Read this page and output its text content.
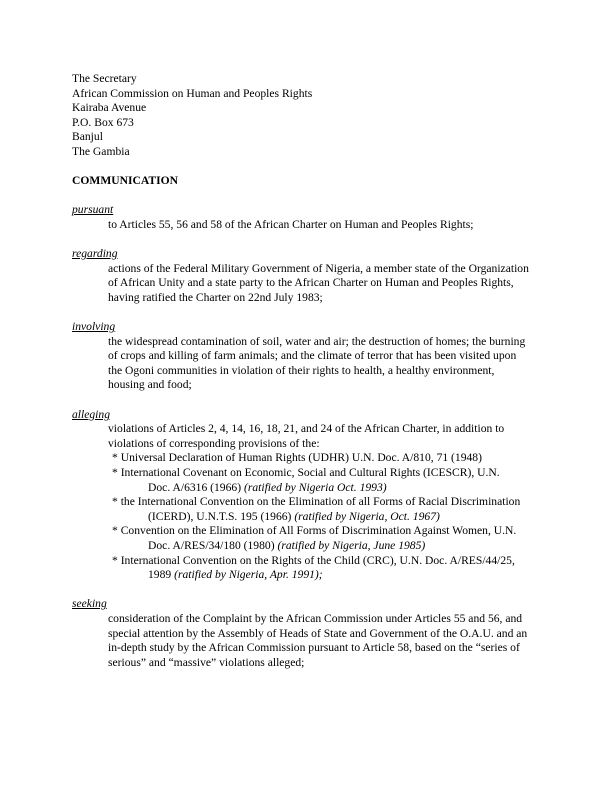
The Secretary
African Commission on Human and Peoples Rights
Kairaba Avenue
P.O. Box 673
Banjul
The Gambia
COMMUNICATION
pursuant
to Articles 55, 56 and 58 of the African Charter on Human and Peoples Rights;
regarding
actions of the Federal Military Government of Nigeria, a member state of the Organization
of African Unity and a state party to the African Charter on Human and Peoples Rights,
having ratified the Charter on 22nd July 1983;
involving
the widespread contamination of soil, water and air; the destruction of homes; the burning
of crops and killing of farm animals; and the climate of terror that has been visited upon
the Ogoni communities in violation of their rights to health, a healthy environment,
housing and food;
alleging
violations of Articles 2, 4, 14, 16, 18, 21, and 24 of the African Charter, in addition to
violations of corresponding provisions of the:
* Universal Declaration of Human Rights (UDHR) U.N. Doc. A/810, 71 (1948)
* International Covenant on Economic, Social and Cultural Rights (ICESCR), U.N.
Doc. A/6316 (1966) (ratified by Nigeria Oct. 1993)
* the International Convention on the Elimination of all Forms of Racial Discrimination
(ICERD), U.N.T.S. 195 (1966) (ratified by Nigeria, Oct. 1967)
* Convention on the Elimination of All Forms of Discrimination Against Women, U.N.
Doc. A/RES/34/180 (1980) (ratified by Nigeria, June 1985)
* International Convention on the Rights of the Child (CRC), U.N. Doc. A/RES/44/25,
1989 (ratified by Nigeria, Apr. 1991);
seeking
consideration of the Complaint by the African Commission under Articles 55 and 56, and
special attention by the Assembly of Heads of State and Government of the O.A.U. and an
in-depth study by the African Commission pursuant to Article 58, based on the “series of
serious” and “massive” violations alleged;
